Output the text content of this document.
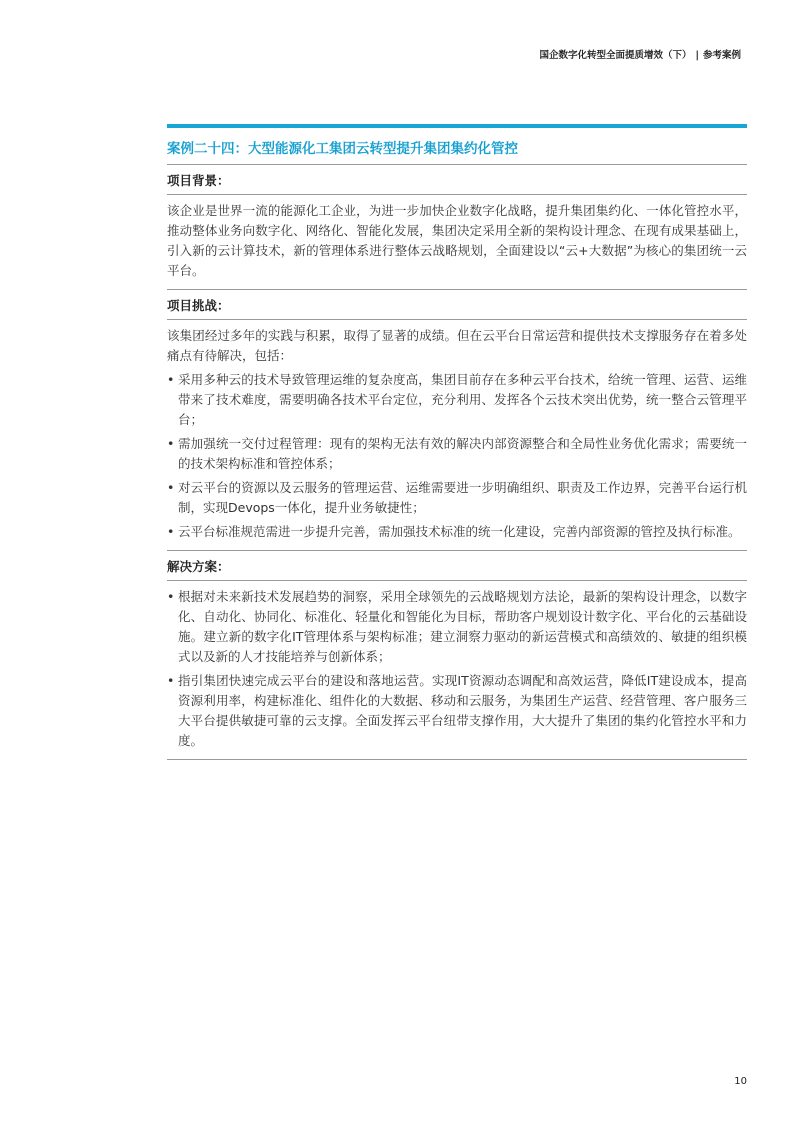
国企数字化转型全面提质增效（下） | 参考案例
案例二十四：大型能源化工集团云转型提升集团集约化管控
项目背景：

该企业是世界一流的能源化工企业，为进一步加快企业数字化战略，提升集团集约化、一体化管控水平，推动整体业务向数字化、网络化、智能化发展，集团决定采用全新的架构设计理念、在现有成果基础上，引入新的云计算技术，新的管理体系进行整体云战略规划，全面建设以“云+大数据”为核心的集团统一云平台。

项目挑战：

该集团经过多年的实践与积累，取得了显著的成绩。但在云平台日常运营和提供技术支撑服务存在着多处痛点有待解决，包括：

• 采用多种云的技术导致管理运维的复杂度高，集团目前存在多种云平台技术，给统一管理、运营、运维带来了技术难度，需要明确各技术平台定位，充分利用、发挥各个云技术突出优势，统一整合云管理平台；
• 需加强统一交付过程管理：现有的架构无法有效的解决内部资源整合和全局性业务优化需求；需要统一的技术架构标准和管控体系；
• 对云平台的资源以及云服务的管理运营、运维需要进一步明确组织、职责及工作边界，完善平台运行机制，实现Devops一体化，提升业务敏捷性；
• 云平台标准规范需进一步提升完善，需加强技术标准的统一化建设，完善内部资源的管控及执行标准。
解决方案：
• 根据对未来新技术发展趋势的洞察，采用全球领先的云战略规划方法论，最新的架构设计理念，以数字化、自动化、协同化、标准化、轻量化和智能化为目标，帮助客户规划设计数字化、平台化的云基础设施。建立新的数字化IT管理体系与架构标准；建立洞察力驱动的新运营模式和高绩效的、敏捷的组织模式以及新的人才技能培养与创新体系；
• 指引集团快速完成云平台的建设和落地运营。实现IT资源动态调配和高效运营，降低IT建设成本，提高资源利用率，构建标准化、组件化的大数据、移动和云服务，为集团生产运营、经营管理、客户服务三大平台提供敏捷可靠的云支撑。全面发挥云平台纽带支撑作用，大大提升了集团的集约化管控水平和力度。
10
